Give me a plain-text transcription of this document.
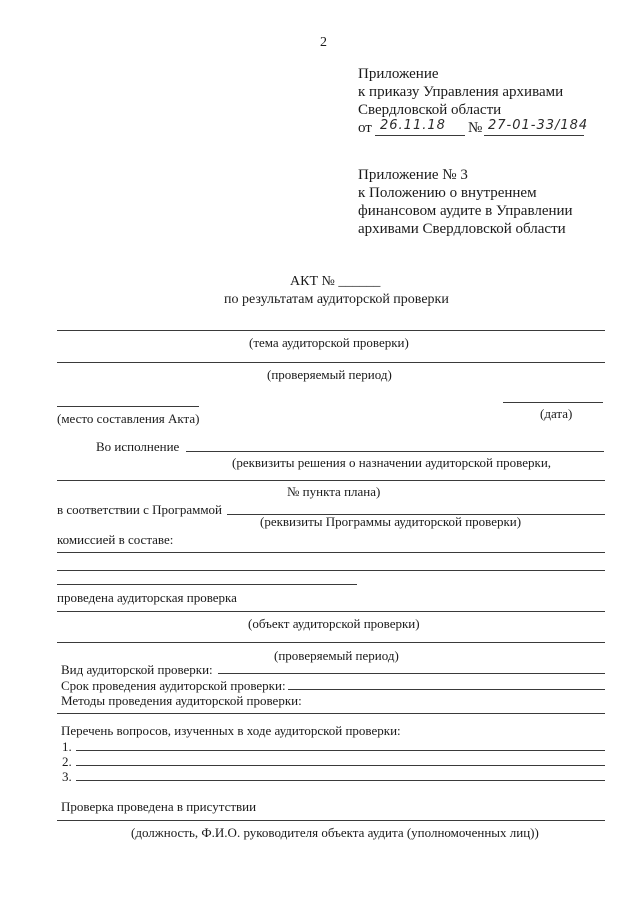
2
Приложение
к приказу Управления архивами
Свердловской области
от 26.11.18 № 27-01-33/184
Приложение № 3
к Положению о внутреннем
финансовом аудите в Управлении
архивами Свердловской области
АКТ № ______
по результатам аудиторской проверки
(тема аудиторской проверки)
(проверяемый период)
(место составления Акта)	(дата)
Во исполнение
(реквизиты решения о назначении аудиторской проверки,
№ пункта плана)
в соответствии с Программой
(реквизиты Программы аудиторской проверки)
комиссией в составе:
проведена аудиторская проверка
(объект аудиторской проверки)
(проверяемый период)
Вид аудиторской проверки:
Срок проведения аудиторской проверки:
Методы проведения аудиторской проверки:
Перечень вопросов, изученных в ходе аудиторской проверки:
1.
2.
3.
Проверка проведена в присутствии
(должность, Ф.И.О. руководителя объекта аудита (уполномоченных лиц))
